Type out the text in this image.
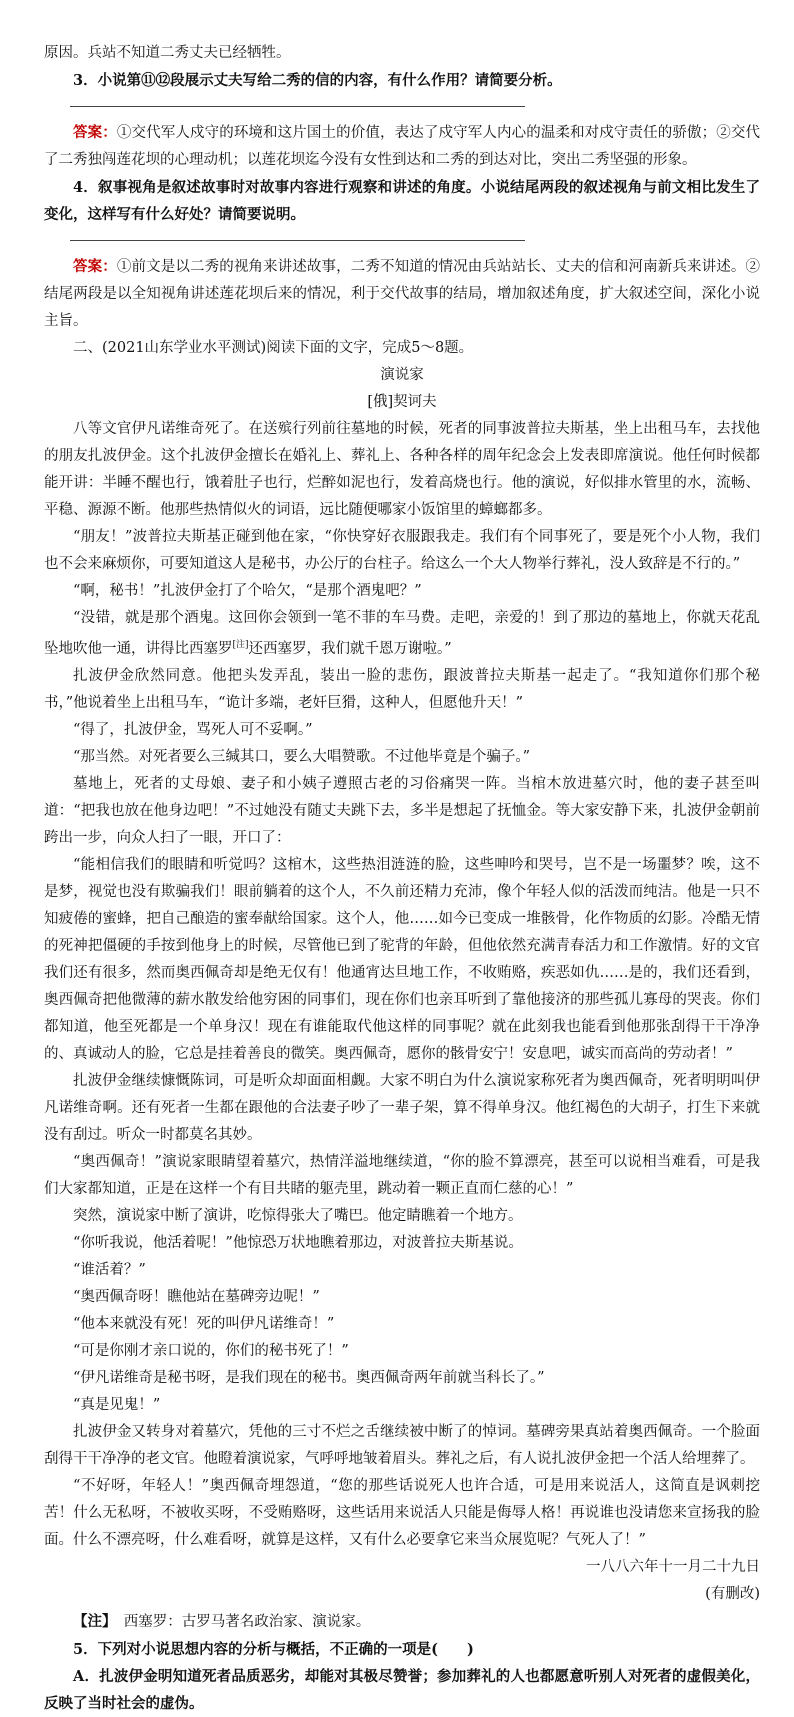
原因。兵站不知道二秀丈夫已经牺牲。

3．小说第⑪⑫段展示丈夫写给二秀的信的内容，有什么作用？请简要分析。

答案：①交代军人戍守的环境和这片国土的价值，表达了戍守军人内心的温柔和对戍守责任的骄傲；②交代了二秀独闯莲花坝的心理动机；以莲花坝迄今没有女性到达和二秀的到达对比，突出二秀坚强的形象。

4．叙事视角是叙述故事时对故事内容进行观察和讲述的角度。小说结尾两段的叙述视角与前文相比发生了变化，这样写有什么好处？请简要说明。

答案：①前文是以二秀的视角来讲述故事，二秀不知道的情况由兵站站长、丈夫的信和河南新兵来讲述。②结尾两段是以全知视角讲述莲花坝后来的情况，利于交代故事的结局，增加叙述角度，扩大叙述空间，深化小说主旨。

二、(2021山东学业水平测试)阅读下面的文字，完成5～8题。

演说家

[俄]契诃夫

八等文官伊凡诺维奇死了。在送殡行列前往墓地的时候，死者的同事波普拉夫斯基，坐上出租马车，去找他的朋友扎波伊金。这个扎波伊金擅长在婚礼上、葬礼上、各种各样的周年纪念会上发表即席演说。他任何时候都能开讲：半睡不醒也行，饿着肚子也行，烂醉如泥也行，发着高烧也行。他的演说，好似排水管里的水，流畅、平稳、源源不断。他那些热情似火的词语，远比随便哪家小饭馆里的蟑螂都多。

“朋友！”波普拉夫斯基正碰到他在家，“你快穿好衣服跟我走。我们有个同事死了，要是死个小人物，我们也不会来麻烦你，可要知道这人是秘书，办公厅的台柱子。给这么一个大人物举行葬礼，没人致辞是不行的。”

“啊，秘书！”扎波伊金打了个哈欠，“是那个酒鬼吧？”

“没错，就是那个酒鬼。这回你会领到一笔不菲的车马费。走吧，亲爱的！到了那边的墓地上，你就天花乱坠地吹他一通，讲得比西塞罗[注]还西塞罗，我们就千恩万谢啦。”

扎波伊金欣然同意。他把头发弄乱，装出一脸的悲伤，跟波普拉夫斯基一起走了。“我知道你们那个秘书，”他说着坐上出租马车，“诡计多端，老奸巨猾，这种人，但愿他升天！”

“得了，扎波伊金，骂死人可不妥啊。”

“那当然。对死者要么三缄其口，要么大唱赞歌。不过他毕竟是个骗子。”

墓地上，死者的丈母娘、妻子和小姨子遵照古老的习俗痛哭一阵。当棺木放进墓穴时，他的妻子甚至叫道：“把我也放在他身边吧！”不过她没有随丈夫跳下去，多半是想起了抚恤金。等大家安静下来，扎波伊金朝前跨出一步，向众人扫了一眼，开口了：

“能相信我们的眼睛和听觉吗？这棺木，这些热泪涟涟的脸，这些呻吟和哭号，岂不是一场噩梦？唉，这不是梦，视觉也没有欺骗我们！眼前躺着的这个人，不久前还精力充沛，像个年轻人似的活泼而纯洁。他是一只不知疲倦的蜜蜂，把自己酿造的蜜奉献给国家。这个人，他……如今已变成一堆骸骨，化作物质的幻影。冷酷无情的死神把僵硬的手按到他身上的时候，尽管他已到了驼背的年龄，但他依然充满青春活力和工作激情。好的文官我们还有很多，然而奥西佩奇却是绝无仅有！他通宵达旦地工作，不收贿赂，疾恶如仇……是的，我们还看到，奥西佩奇把他微薄的薪水散发给他穷困的同事们，现在你们也亲耳听到了靠他接济的那些孤儿寡母的哭丧。你们都知道，他至死都是一个单身汉！现在有谁能取代他这样的同事呢？就在此刻我也能看到他那张刮得干干净净的、真诚动人的脸，它总是挂着善良的微笑。奥西佩奇，愿你的骸骨安宁！安息吧，诚实而高尚的劳动者！”

扎波伊金继续慷慨陈词，可是听众却面面相觑。大家不明白为什么演说家称死者为奥西佩奇，死者明明叫伊凡诺维奇啊。还有死者一生都在跟他的合法妻子吵了一辈子架，算不得单身汉。他红褐色的大胡子，打生下来就没有刮过。听众一时都莫名其妙。

“奥西佩奇！”演说家眼睛望着墓穴，热情洋溢地继续道，“你的脸不算漂亮，甚至可以说相当难看，可是我们大家都知道，正是在这样一个有目共睹的躯壳里，跳动着一颗正直而仁慈的心！”

突然，演说家中断了演讲，吃惊得张大了嘴巴。他定睛瞧着一个地方。

“你听我说，他活着呢！”他惊恐万状地瞧着那边，对波普拉夫斯基说。

“谁活着？”

“奥西佩奇呀！瞧他站在墓碑旁边呢！”

“他本来就没有死！死的叫伊凡诺维奇！”

“可是你刚才亲口说的，你们的秘书死了！”

“伊凡诺维奇是秘书呀，是我们现在的秘书。奥西佩奇两年前就当科长了。”

“真是见鬼！”

扎波伊金又转身对着墓穴，凭他的三寸不烂之舌继续被中断了的悼词。墓碑旁果真站着奥西佩奇。一个脸面刮得干干净净的老文官。他瞪着演说家，气呼呼地皱着眉头。葬礼之后，有人说扎波伊金把一个活人给埋葬了。

“不好呀，年轻人！”奥西佩奇埋怨道，“您的那些话说死人也许合适，可是用来说活人，这简直是讽刺挖苦！什么无私呀，不被收买呀，不受贿赂呀，这些话用来说活人只能是侮辱人格！再说谁也没请您来宣扬我的脸面。什么不漂亮呀，什么难看呀，就算是这样，又有什么必要拿它来当众展览呢？气死人了！”

一八八六年十一月二十九日

(有删改)

【注】　西塞罗：古罗马著名政治家、演说家。

5．下列对小说思想内容的分析与概括，不正确的一项是(　　)

A．扎波伊金明知道死者品质恶劣，却能对其极尽赞誉；参加葬礼的人也都愿意听别人对死者的虚假美化，反映了当时社会的虚伪。
